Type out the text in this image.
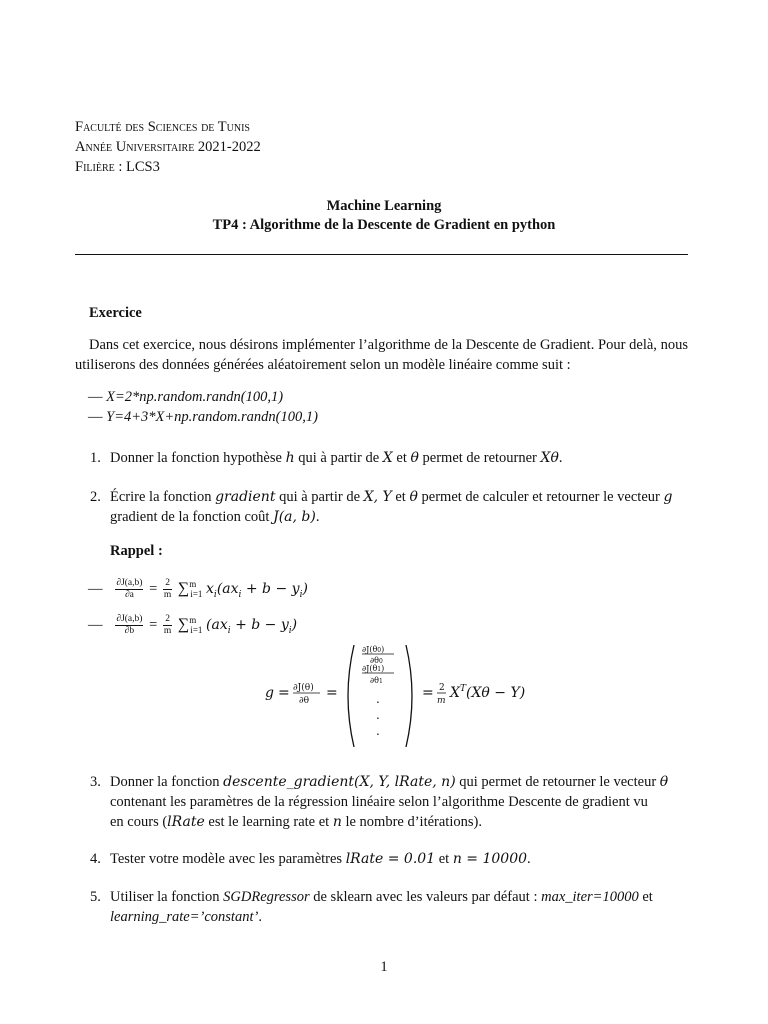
Faculté des Sciences de Tunis
Année Universitaire 2021-2022
Filière : LCS3
Machine Learning
TP4 : Algorithme de la Descente de Gradient en python
Exercice
Dans cet exercice, nous désirons implémenter l’algorithme de la Descente de Gradient. Pour delà, nous utiliserons des données générées aléatoirement selon un modèle linéaire comme suit :
— X=2*np.random.randn(100,1)
— Y=4+3*X+np.random.randn(100,1)
1. Donner la fonction hypothèse h qui à partir de X et θ permet de retourner Xθ.
2. Écrire la fonction gradient qui à partir de X, Y et θ permet de calculer et retourner le vecteur g
gradient de la fonction coût J(a, b).
Rappel :
— $\frac{\partial J(a,b)}{\partial a} = \frac{2}{m} \sum^m_{i=1}$ $x_i(ax_i + b - y_i)$
— $\frac{\partial J(a,b)}{\partial b} = \frac{2}{m} \sum^m_{i=1}$ $(ax_i + b - y_i)$
g = ∂J(θ)
∂θ =
∂J(θ0)
∂θ0
∂J(θ1)
∂θ1
.
.
.
= 2
m $X^T(X\theta - Y)$
3. Donner la fonction descente_gradient(X, Y, lRate, n) qui permet de retourner le vecteur θ
contenant les paramètres de la régression linéaire selon l’algorithme Descente de gradient vu
en cours (lRate est le learning rate et n le nombre d’itérations).
4. Tester votre modèle avec les paramètres lRate = 0.01 et n = 10000.
5. Utiliser la fonction SGDRegressor de sklearn avec les valeurs par défaut : max_iter=10000 et
learning_rate=’constant’.
1
